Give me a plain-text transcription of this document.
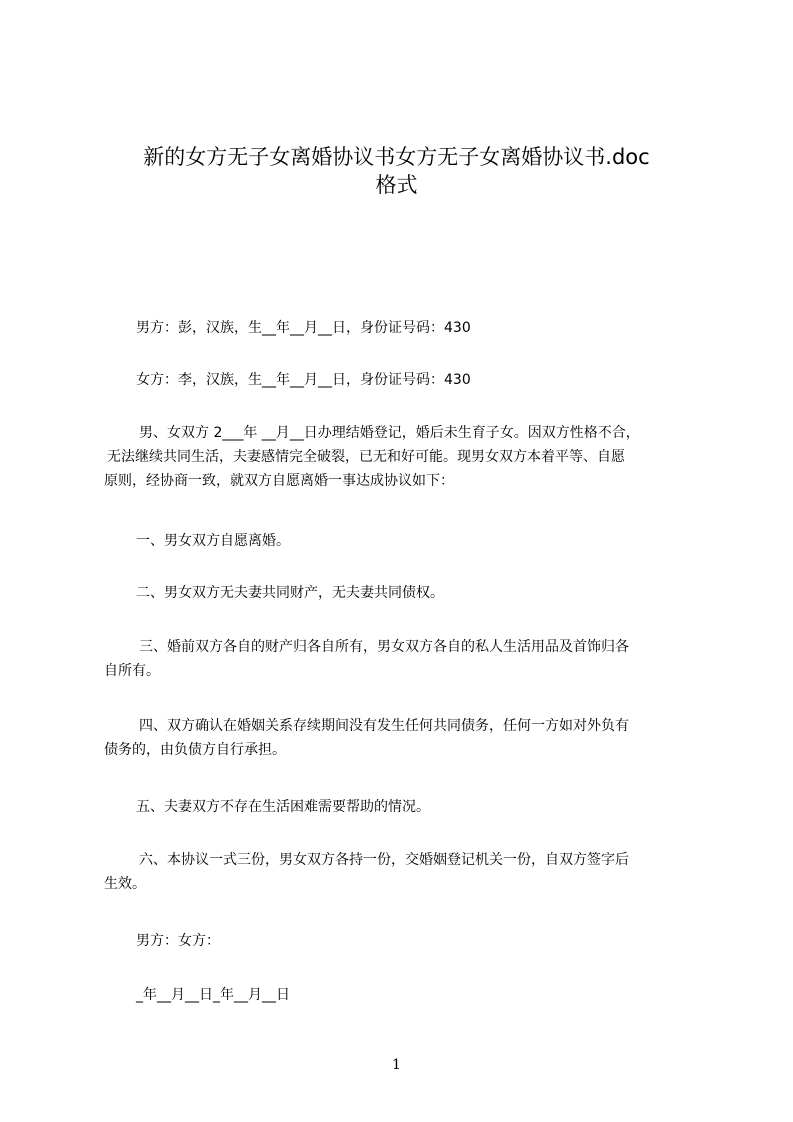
新的女方无子女离婚协议书女方无子女离婚协议书.doc
格式

男方：彭，汉族，生__年__月__日，身份证号码：430

女方：李，汉族，生__年__月__日，身份证号码：430

男、女双方 2___年 __月__日办理结婚登记，婚后未生育子女。因双方性格不合，
无法继续共同生活，夫妻感情完全破裂，已无和好可能。现男女双方本着平等、自愿
原则，经协商一致，就双方自愿离婚一事达成协议如下：

一、男女双方自愿离婚。

二、男女双方无夫妻共同财产，无夫妻共同债权。

三、婚前双方各自的财产归各自所有，男女双方各自的私人生活用品及首饰归各
自所有。
四、双方确认在婚姻关系存续期间没有发生任何共同债务，任何一方如对外负有
债务的，由负债方自行承担。

五、夫妻双方不存在生活困难需要帮助的情况。

六、本协议一式三份，男女双方各持一份，交婚姻登记机关一份，自双方签字后
生效。

男方：女方：

_年__月__日_年__月__日

1
